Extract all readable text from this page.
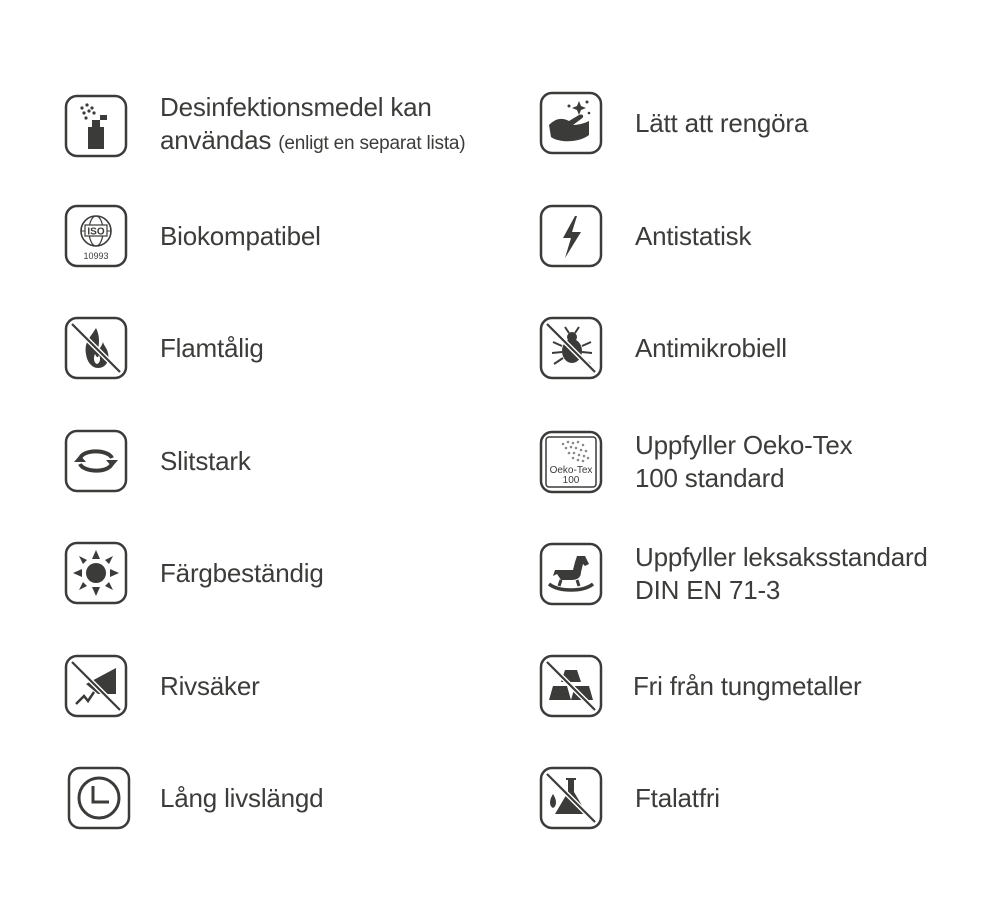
Desinfektionsmedel kan
användas (enligt en separat lista)
ISO
10993
Biokompatibel
Flamtålig
Slitstark
Färgbeständig
Rivsäker
Lång livslängd
Lätt att rengöra
Antistatisk
Antimikrobiell
Oeko-Tex
100
Uppfyller Oeko-Tex
100 standard
Uppfyller leksaksstandard
DIN EN 71-3
Fri från tungmetaller
Ftalatfri
